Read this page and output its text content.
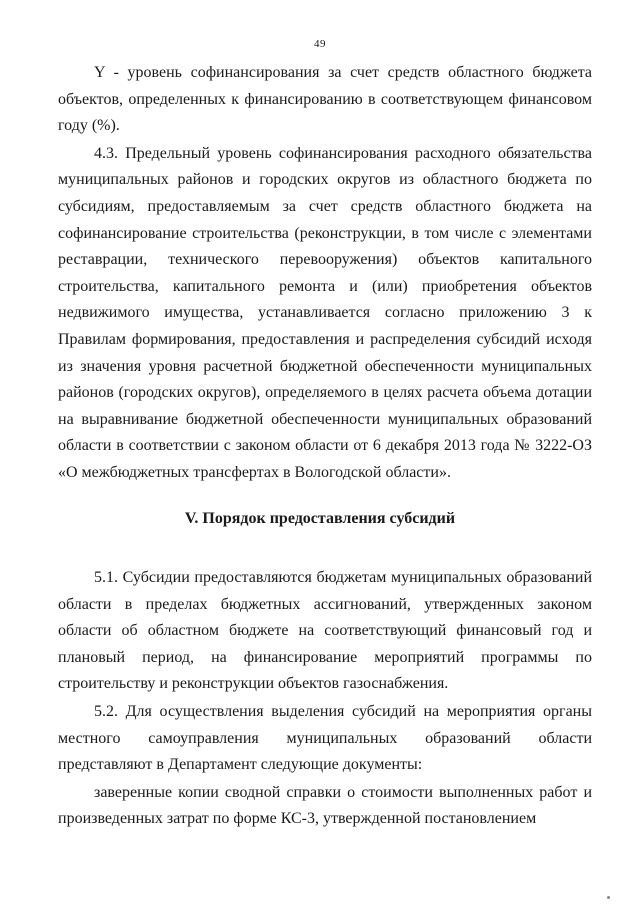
49

Y - уровень софинансирования за счет средств областного бюджета объектов, определенных к финансированию в соответствующем финансовом году (%).

4.3. Предельный уровень софинансирования расходного обязательства муниципальных районов и городских округов из областного бюджета по субсидиям, предоставляемым за счет средств областного бюджета на софинансирование строительства (реконструкции, в том числе с элементами реставрации, технического перевооружения) объектов капитального строительства, капитального ремонта и (или) приобретения объектов недвижимого имущества, устанавливается согласно приложению 3 к Правилам формирования, предоставления и распределения субсидий исходя из значения уровня расчетной бюджетной обеспеченности муниципальных районов (городских округов), определяемого в целях расчета объема дотации на выравнивание бюджетной обеспеченности муниципальных образований области в соответствии с законом области от 6 декабря 2013 года № 3222-ОЗ «О межбюджетных трансфертах в Вологодской области».

V. Порядок предоставления субсидий

5.1. Субсидии предоставляются бюджетам муниципальных образований области в пределах бюджетных ассигнований, утвержденных законом области об областном бюджете на соответствующий финансовый год и плановый период, на финансирование мероприятий программы по строительству и реконструкции объектов газоснабжения.

5.2. Для осуществления выделения субсидий на мероприятия органы местного самоуправления муниципальных образований области представляют в Департамент следующие документы:

заверенные копии сводной справки о стоимости выполненных работ и произведенных затрат по форме КС-3, утвержденной постановлением
